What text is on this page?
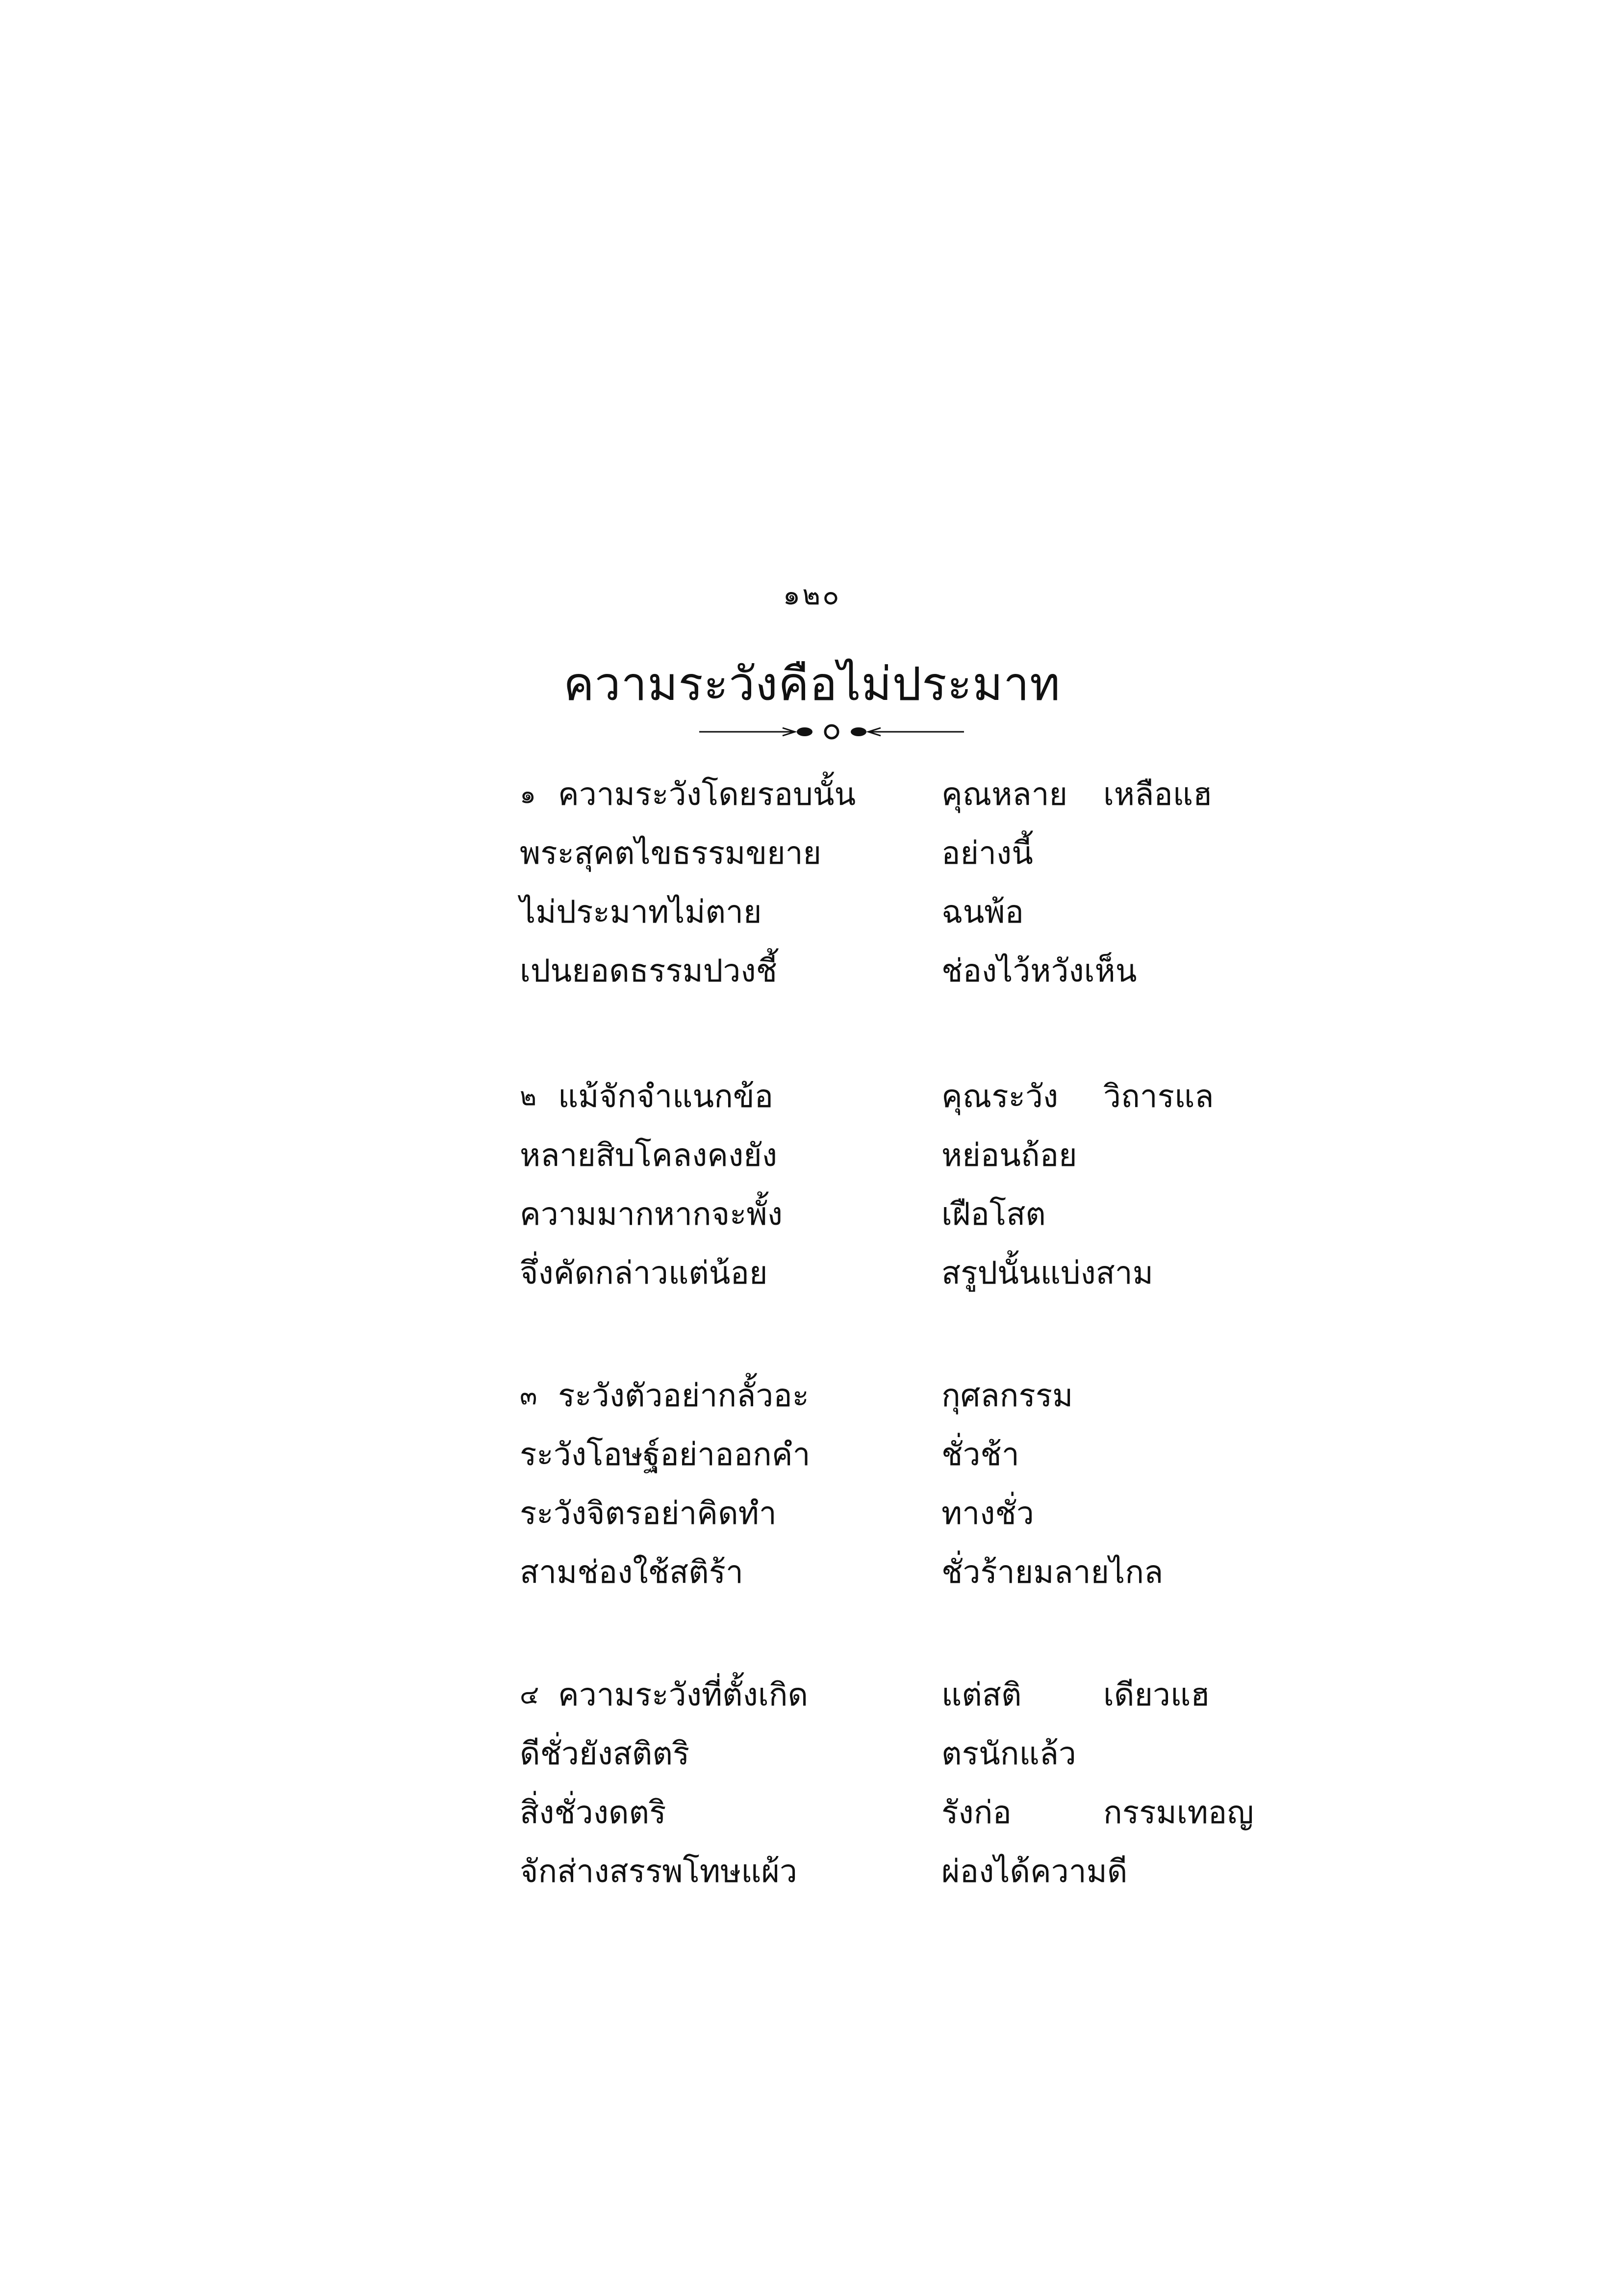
๑๒๐
ความระวังคือไม่ประมาท
๑ ความระวังโดยรอบนั้น	คุณหลาย เหลือแฮ
พระสุคตไขธรรมขยาย	อย่างนี้
ไม่ประมาทไม่ตาย	ฉนพ้อ
เปนยอดธรรมปวงชี้	ช่องไว้หวังเห็น
๒ แม้จักจำแนกข้อ	คุณระวัง วิถารแล
หลายสิบโคลงคงยัง	หย่อนถ้อย
ความมากหากจะพั้ง	เฝือโสต
จึ่งคัดกล่าวแต่น้อย	สรูปนั้นแบ่งสาม
๓ ระวังตัวอย่ากลั้วอะ	กุศลกรรม
ระวังโอษฐ์อย่าออกคำ	ชั่วช้า
ระวังจิตรอย่าคิดทำ	ทางชั่ว
สามช่องใช้สติร้า	ชั่วร้ายมลายไกล
๔ ความระวังที่ตั้งเกิด	แต่สติ	เดียวแฮ
ดีชั่วยังสติตริ	ตรนักแล้ว
สิ่งชั่วงดตริ	รังก่อ	กรรมเทอญ
จักส่างสรรพโทษแผ้ว	ผ่องได้ความดี
